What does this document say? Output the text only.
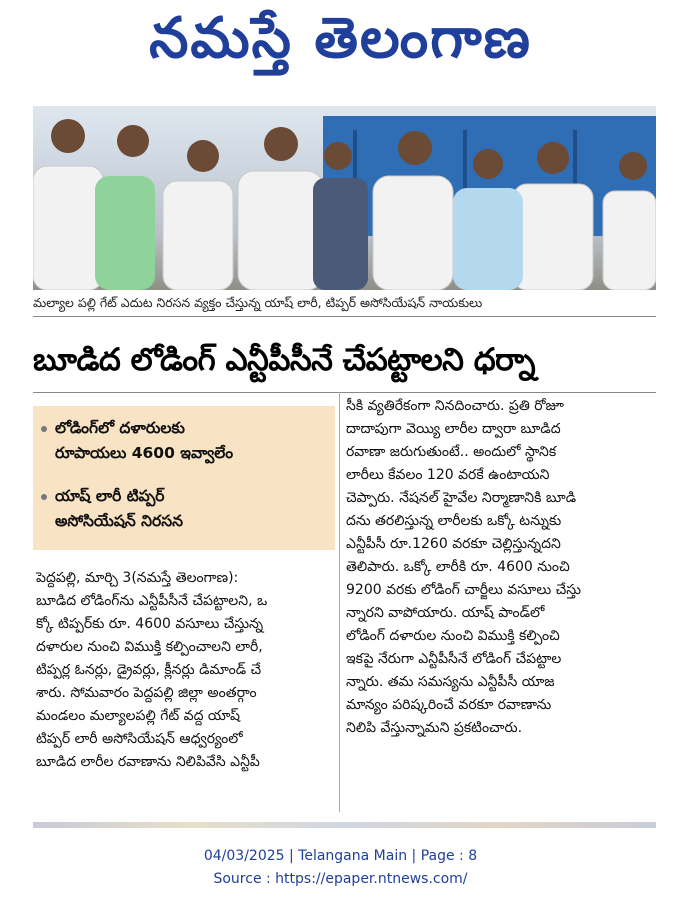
నమస్తే తెలంగాణ
మల్యాల పల్లి గేట్ ఎదుట నిరసన వ్యక్తం చేస్తున్న యాష్ లారీ, టిప్పర్ అసోసియేషన్ నాయకులు
బూడిద లోడింగ్ ఎన్టీపీసీనే చేపట్టాలని ధర్నా
లోడింగ్‌లో దళారులకు
రూపాయలు 4600 ఇవ్వాలేం
యాష్ లారీ టిప్పర్
అసోసియేషన్ నిరసన
పెద్దపల్లి, మార్చి 3(నమస్తే తెలంగాణ):
బూడిద లోడింగ్‌ను ఎన్టీపీసీనే చేపట్టాలని, ఒ
క్కో టిప్పర్‌కు రూ. 4600 వసూలు చేస్తున్న
దళారుల నుంచి విముక్తి కల్పించాలని లారీ,
టిప్పర్ల ఓనర్లు, డ్రైవర్లు, క్లీనర్లు డిమాండ్ చే
శారు. సోమవారం పెద్దపల్లి జిల్లా అంతర్గాం
మండలం మల్యాలపల్లి గేట్ వద్ద యాష్
టిప్పర్ లారీ అసోసియేషన్ ఆధ్వర్యంలో
బూడిద లారీల రవాణాను నిలిపివేసి ఎన్టీపీ
సీకి వ్యతిరేకంగా నినదించారు. ప్రతి రోజూ
దాదాపుగా వెయ్యి లారీల ద్వారా బూడిద
రవాణా జరుగుతుంటే.. అందులో స్థానిక
లారీలు కేవలం 120 వరకే ఉంటాయని
చెప్పారు. నేషనల్ హైవేల నిర్మాణానికి బూడి
దను తరలిస్తున్న లారీలకు ఒక్కో టన్నుకు
ఎన్టీపీసీ రూ.1260 వరకూ చెల్లిస్తున్నదని
తెలిపారు. ఒక్కో లారీకి రూ. 4600 నుంచి
9200 వరకు లోడింగ్ చార్జీలు వసూలు చేస్తు
న్నారని వాపోయారు. యాష్ పాండ్‌లో
లోడింగ్ దళారుల నుంచి విముక్తి కల్పించి
ఇకపై నేరుగా ఎన్టీపీసీనే లోడింగ్ చేపట్టాల
న్నారు. తమ సమస్యను ఎన్టీపీసీ యాజ
మాన్యం పరిష్కరించే వరకూ రవాణాను
నిలిపి వేస్తున్నామని ప్రకటించారు.
04/03/2025 | Telangana Main | Page : 8
Source : https://epaper.ntnews.com/
